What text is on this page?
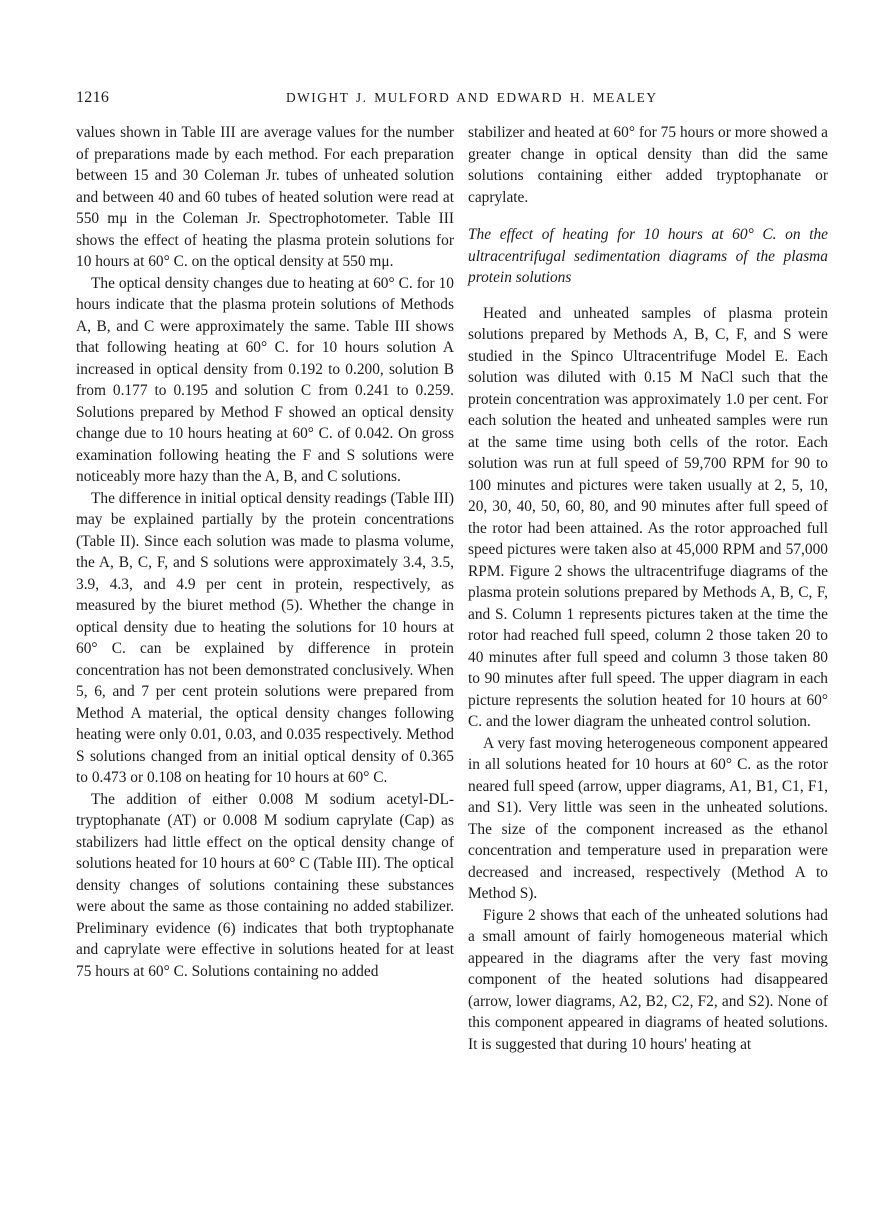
1216	DWIGHT J. MULFORD AND EDWARD H. MEALEY

values shown in Table III are average values for the number of preparations made by each method. For each preparation between 15 and 30 Coleman Jr. tubes of unheated solution and between 40 and 60 tubes of heated solution were read at 550 mμ in the Coleman Jr. Spectrophotometer. Table III shows the effect of heating the plasma protein solutions for 10 hours at 60° C. on the optical density at 550 mμ.

The optical density changes due to heating at 60° C. for 10 hours indicate that the plasma protein solutions of Methods A, B, and C were approximately the same. Table III shows that following heating at 60° C. for 10 hours solution A increased in optical density from 0.192 to 0.200, solution B from 0.177 to 0.195 and solution C from 0.241 to 0.259. Solutions prepared by Method F showed an optical density change due to 10 hours heating at 60° C. of 0.042. On gross examination following heating the F and S solutions were noticeably more hazy than the A, B, and C solutions.

The difference in initial optical density readings (Table III) may be explained partially by the protein concentrations (Table II). Since each solution was made to plasma volume, the A, B, C, F, and S solutions were approximately 3.4, 3.5, 3.9, 4.3, and 4.9 per cent in protein, respectively, as measured by the biuret method (5). Whether the change in optical density due to heating the solutions for 10 hours at 60° C. can be explained by difference in protein concentration has not been demonstrated conclusively. When 5, 6, and 7 per cent protein solutions were prepared from Method A material, the optical density changes following heating were only 0.01, 0.03, and 0.035 respectively. Method S solutions changed from an initial optical density of 0.365 to 0.473 or 0.108 on heating for 10 hours at 60° C.

The addition of either 0.008 M sodium acetyl-DL-tryptophanate (AT) or 0.008 M sodium caprylate (Cap) as stabilizers had little effect on the optical density change of solutions heated for 10 hours at 60° C (Table III). The optical density changes of solutions containing these substances were about the same as those containing no added stabilizer. Preliminary evidence (6) indicates that both tryptophanate and caprylate were effective in solutions heated for at least 75 hours at 60° C. Solutions containing no added

stabilizer and heated at 60° for 75 hours or more showed a greater change in optical density than did the same solutions containing either added tryptophanate or caprylate.

The effect of heating for 10 hours at 60° C. on the ultracentrifugal sedimentation diagrams of the plasma protein solutions

Heated and unheated samples of plasma protein solutions prepared by Methods A, B, C, F, and S were studied in the Spinco Ultracentrifuge Model E. Each solution was diluted with 0.15 M NaCl such that the protein concentration was approximately 1.0 per cent. For each solution the heated and unheated samples were run at the same time using both cells of the rotor. Each solution was run at full speed of 59,700 RPM for 90 to 100 minutes and pictures were taken usually at 2, 5, 10, 20, 30, 40, 50, 60, 80, and 90 minutes after full speed of the rotor had been attained. As the rotor approached full speed pictures were taken also at 45,000 RPM and 57,000 RPM. Figure 2 shows the ultracentrifuge diagrams of the plasma protein solutions prepared by Methods A, B, C, F, and S. Column 1 represents pictures taken at the time the rotor had reached full speed, column 2 those taken 20 to 40 minutes after full speed and column 3 those taken 80 to 90 minutes after full speed. The upper diagram in each picture represents the solution heated for 10 hours at 60° C. and the lower diagram the unheated control solution.

A very fast moving heterogeneous component appeared in all solutions heated for 10 hours at 60° C. as the rotor neared full speed (arrow, upper diagrams, A1, B1, C1, F1, and S1). Very little was seen in the unheated solutions. The size of the component increased as the ethanol concentration and temperature used in preparation were decreased and increased, respectively (Method A to Method S).

Figure 2 shows that each of the unheated solutions had a small amount of fairly homogeneous material which appeared in the diagrams after the very fast moving component of the heated solutions had disappeared (arrow, lower diagrams, A2, B2, C2, F2, and S2). None of this component appeared in diagrams of heated solutions. It is suggested that during 10 hours' heating at
